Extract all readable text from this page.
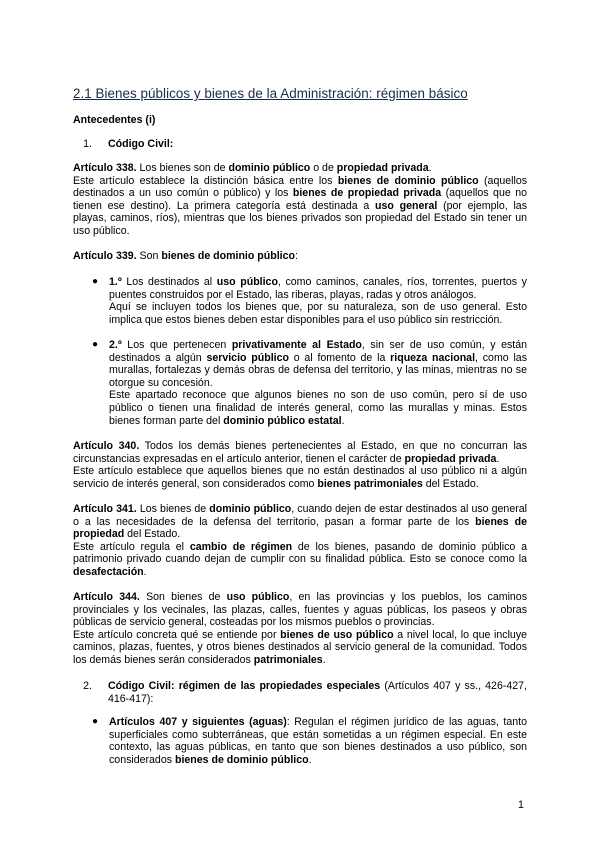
2.1 Bienes públicos y bienes de la Administración: régimen básico

Antecedentes (i)

1. Código Civil:

Artículo 338. Los bienes son de dominio público o de propiedad privada.
Este artículo establece la distinción básica entre los bienes de dominio público (aquellos destinados a un uso común o público) y los bienes de propiedad privada (aquellos que no tienen ese destino). La primera categoría está destinada a uso general (por ejemplo, las playas, caminos, ríos), mientras que los bienes privados son propiedad del Estado sin tener un uso público.

Artículo 339. Son bienes de dominio público:

● 1.º Los destinados al uso público, como caminos, canales, ríos, torrentes, puertos y puentes construidos por el Estado, las riberas, playas, radas y otros análogos.
Aquí se incluyen todos los bienes que, por su naturaleza, son de uso general. Esto implica que estos bienes deben estar disponibles para el uso público sin restricción.

● 2.º Los que pertenecen privativamente al Estado, sin ser de uso común, y están destinados a algún servicio público o al fomento de la riqueza nacional, como las murallas, fortalezas y demás obras de defensa del territorio, y las minas, mientras no se otorgue su concesión.
Este apartado reconoce que algunos bienes no son de uso común, pero sí de uso público o tienen una finalidad de interés general, como las murallas y minas. Estos bienes forman parte del dominio público estatal.

Artículo 340. Todos los demás bienes pertenecientes al Estado, en que no concurran las circunstancias expresadas en el artículo anterior, tienen el carácter de propiedad privada.
Este artículo establece que aquellos bienes que no están destinados al uso público ni a algún servicio de interés general, son considerados como bienes patrimoniales del Estado.

Artículo 341. Los bienes de dominio público, cuando dejen de estar destinados al uso general o a las necesidades de la defensa del territorio, pasan a formar parte de los bienes de propiedad del Estado.
Este artículo regula el cambio de régimen de los bienes, pasando de dominio público a patrimonio privado cuando dejan de cumplir con su finalidad pública. Esto se conoce como la desafectación.

Artículo 344. Son bienes de uso público, en las provincias y los pueblos, los caminos provinciales y los vecinales, las plazas, calles, fuentes y aguas públicas, los paseos y obras públicas de servicio general, costeadas por los mismos pueblos o provincias.
Este artículo concreta qué se entiende por bienes de uso público a nivel local, lo que incluye caminos, plazas, fuentes, y otros bienes destinados al servicio general de la comunidad. Todos los demás bienes serán considerados patrimoniales.

2. Código Civil: régimen de las propiedades especiales (Artículos 407 y ss., 426-427, 416-417):

● Artículos 407 y siguientes (aguas): Regulan el régimen jurídico de las aguas, tanto superficiales como subterráneas, que están sometidas a un régimen especial. En este contexto, las aguas públicas, en tanto que son bienes destinados a uso público, son considerados bienes de dominio público.

1
